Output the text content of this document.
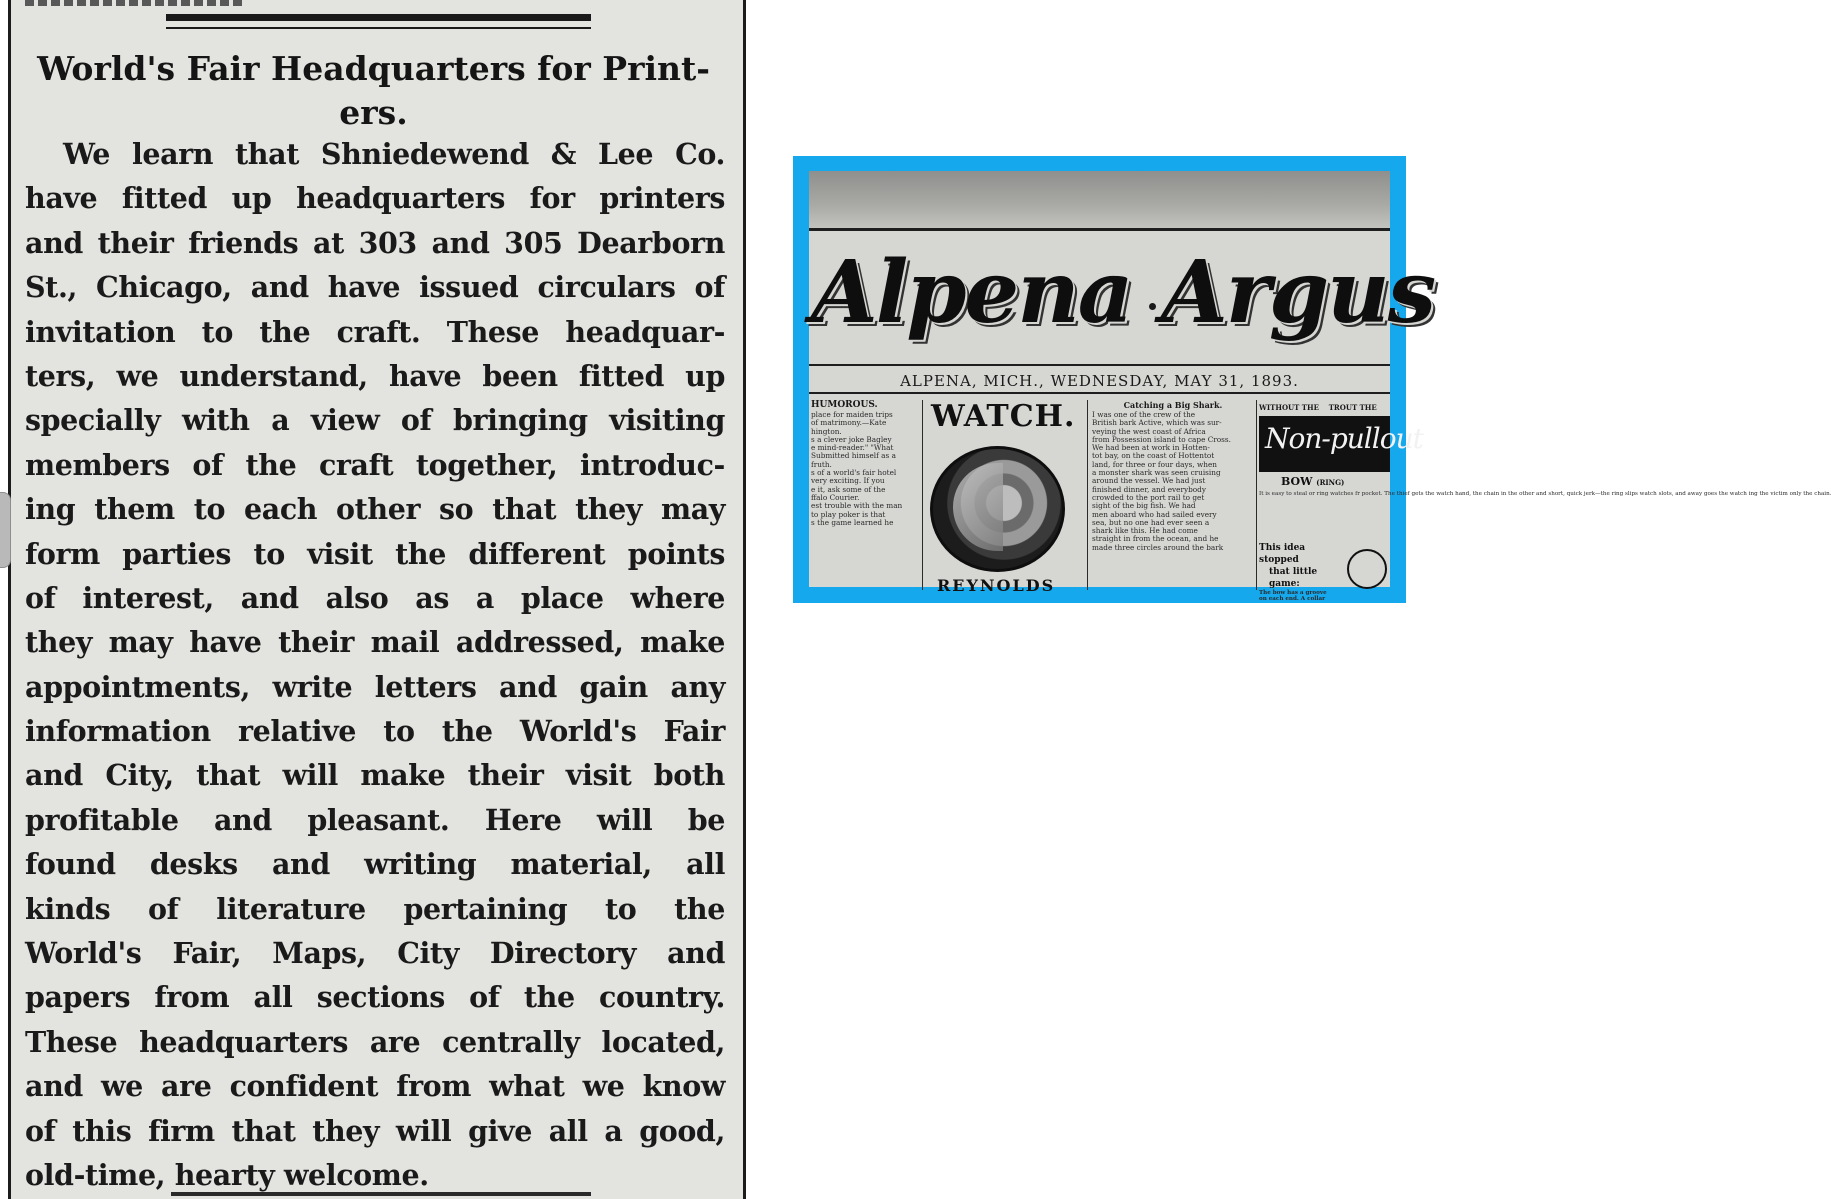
World's Fair Headquarters for Print-
ers.
We learn that Shniedewend & Lee Co.
have fitted up headquarters for printers
and their friends at 303 and 305 Dearborn
St., Chicago, and have issued circulars of
invitation to the craft. These headquar-
ters, we understand, have been fitted up
specially with a view of bringing visiting
members of the craft together, introduc-
ing them to each other so that they may
form parties to visit the different points
of interest, and also as a place where
they may have their mail addressed, make
appointments, write letters and gain any
information relative to the World's Fair
and City, that will make their visit both
profitable and pleasant. Here will be
found desks and writing material, all
kinds of literature pertaining to the
World's Fair, Maps, City Directory and
papers from all sections of the country.
These headquarters are centrally located,
and we are confident from what we know
of this firm that they will give all a good,
old-time, hearty welcome.
Alpena Argus
ALPENA, MICH., WEDNESDAY, MAY 31, 1893.
HUMOROUS.
place for maiden trips
of matrimony.—Kate
hington.
s a clever joke Bagley
e mind-reader." "What
Submitted himself as a
fruth.
s of a world's fair hotel
very exciting. If you
e it, ask some of the
ffalo Courier.
est trouble with the man
to play poker is that
s the game learned he
WATCH.
REYNOLDS
Catching a Big Shark.
I was one of the crew of the
British bark Active, which was sur-
veying the west coast of Africa
from Possession island to cape Cross.
We had been at work in Hotten-
tot bay, on the coast of Hottentot
land, for three or four days, when
a monster shark was seen cruising
around the vessel. We had just
finished dinner, and everybody
crowded to the port rail to get
sight of the big fish. We had
men aboard who had sailed every
sea, but no one had ever seen a
shark like this. He had come
straight in from the ocean, and he
made three circles around the bark
WITHOUT THE TROUT THE
Non-pullout
BOW (RING)
It is easy to steal or ring watches fr pocket. The thief gets the watch hand, the chain in the other and short, quick jerk—the ring slips watch slots, and away goes the watch ing the victim only the chain.
This idea stopped
that little game:
The bow has a groove
on each end. A collar
